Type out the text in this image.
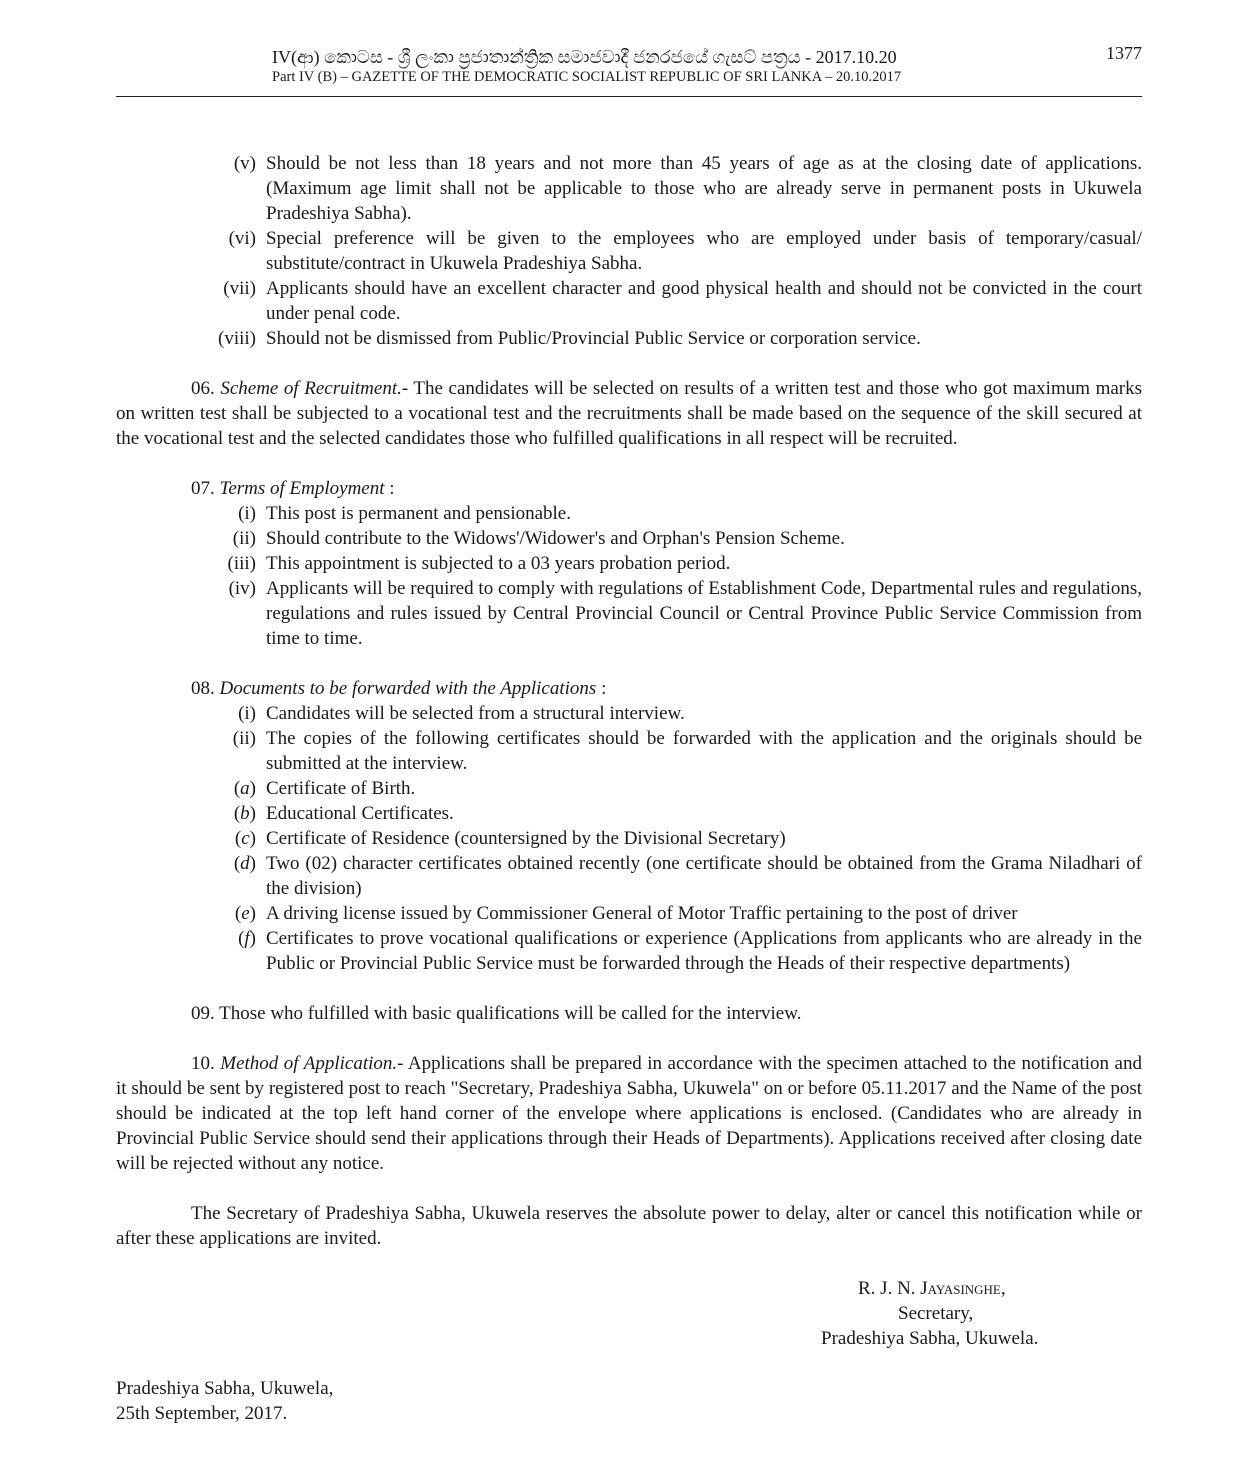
IV(ආ) කොටස - ශ්‍රී ලංකා ප්‍රජාතාන්ත්‍රික සමාජවාදී ජනරජයේ ගැසට් පත්‍රය - 2017.10.20
Part IV (B) – GAZETTE OF THE DEMOCRATIC SOCIALIST REPUBLIC OF SRI LANKA – 20.10.2017
1377
(v) Should be not less than 18 years and not more than 45 years of age as at the closing date of applications. (Maximum age limit shall not be applicable to those who are already serve in permanent posts in Ukuwela Pradeshiya Sabha).
(vi) Special preference will be given to the employees who are employed under basis of temporary/casual/ substitute/contract in Ukuwela Pradeshiya Sabha.
(vii) Applicants should have an excellent character and good physical health and should not be convicted in the court under penal code.
(viii) Should not be dismissed from Public/Provincial Public Service or corporation service.
06. Scheme of Recruitment.- The candidates will be selected on results of a written test and those who got maximum marks on written test shall be subjected to a vocational test and the recruitments shall be made based on the sequence of the skill secured at the vocational test and the selected candidates those who fulfilled qualifications in all respect will be recruited.
07. Terms of Employment :
(i) This post is permanent and pensionable.
(ii) Should contribute to the Widows'/Widower's and Orphan's Pension Scheme.
(iii) This appointment is subjected to a 03 years probation period.
(iv) Applicants will be required to comply with regulations of Establishment Code, Departmental rules and regulations, regulations and rules issued by Central Provincial Council or Central Province Public Service Commission from time to time.
08. Documents to be forwarded with the Applications :
(i) Candidates will be selected from a structural interview.
(ii) The copies of the following certificates should be forwarded with the application and the originals should be submitted at the interview.
(a) Certificate of Birth.
(b) Educational Certificates.
(c) Certificate of Residence (countersigned by the Divisional Secretary)
(d) Two (02) character certificates obtained recently (one certificate should be obtained from the Grama Niladhari of the division)
(e) A driving license issued by Commissioner General of Motor Traffic pertaining to the post of driver
(f) Certificates to prove vocational qualifications or experience (Applications from applicants who are already in the Public or Provincial Public Service must be forwarded through the Heads of their respective departments)
09. Those who fulfilled with basic qualifications will be called for the interview.
10. Method of Application.- Applications shall be prepared in accordance with the specimen attached to the notification and it should be sent by registered post to reach "Secretary, Pradeshiya Sabha, Ukuwela" on or before 05.11.2017 and the Name of the post should be indicated at the top left hand corner of the envelope where applications is enclosed. (Candidates who are already in Provincial Public Service should send their applications through their Heads of Departments). Applications received after closing date will be rejected without any notice.
The Secretary of Pradeshiya Sabha, Ukuwela reserves the absolute power to delay, alter or cancel this notification while or after these applications are invited.
R. J. N. Jayasinghe,
Secretary,
Pradeshiya Sabha, Ukuwela.
Pradeshiya Sabha, Ukuwela,
25th September, 2017.
